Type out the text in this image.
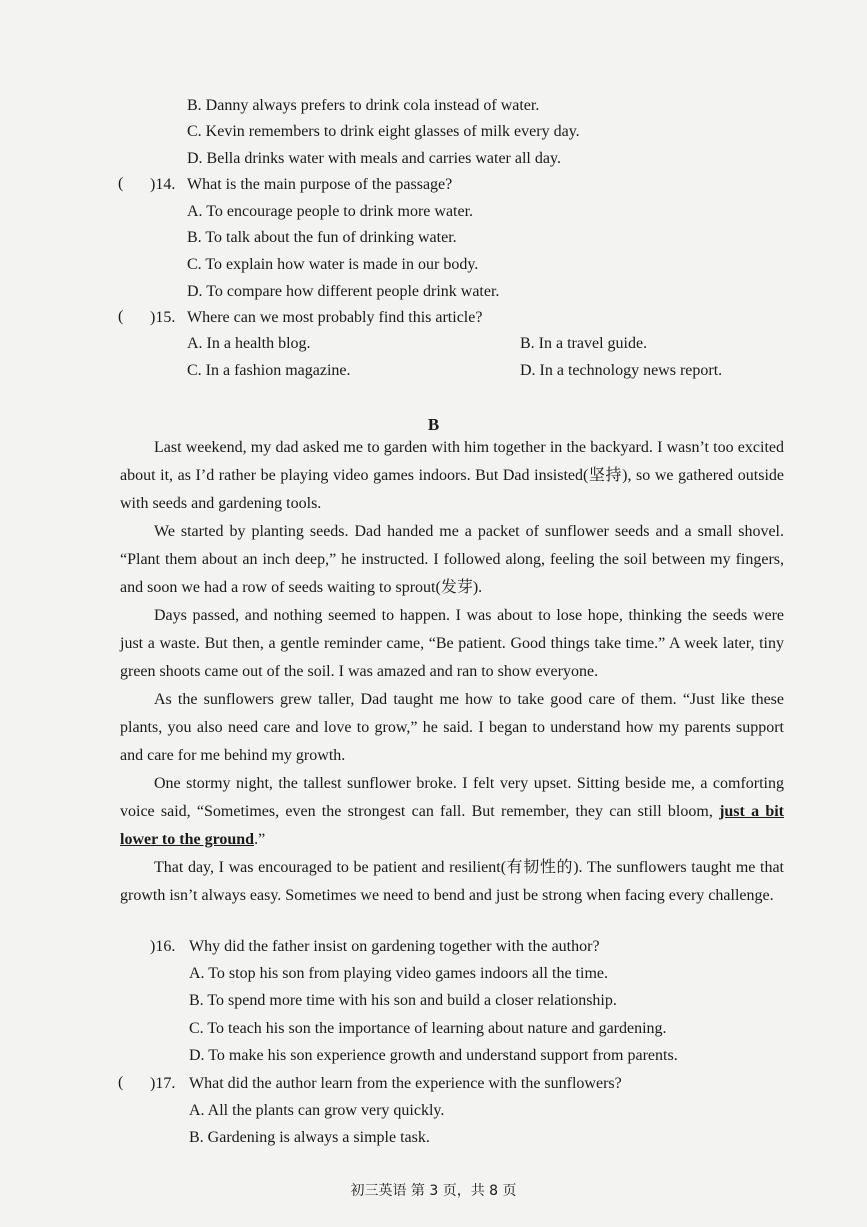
B. Danny always prefers to drink cola instead of water.
C. Kevin remembers to drink eight glasses of milk every day.
D. Bella drinks water with meals and carries water all day.
( )14. What is the main purpose of the passage?
A. To encourage people to drink more water.
B. To talk about the fun of drinking water.
C. To explain how water is made in our body.
D. To compare how different people drink water.
( )15. Where can we most probably find this article?
A. In a health blog.	B. In a travel guide.
C. In a fashion magazine.	D. In a technology news report.
B

Last weekend, my dad asked me to garden with him together in the backyard. I wasn’t too excited about it, as I’d rather be playing video games indoors. But Dad insisted(坚持), so we gathered outside with seeds and gardening tools.

We started by planting seeds. Dad handed me a packet of sunflower seeds and a small shovel. “Plant them about an inch deep,” he instructed. I followed along, feeling the soil between my fingers, and soon we had a row of seeds waiting to sprout(发芽).

Days passed, and nothing seemed to happen. I was about to lose hope, thinking the seeds were just a waste. But then, a gentle reminder came, “Be patient. Good things take time.” A week later, tiny green shoots came out of the soil. I was amazed and ran to show everyone.

As the sunflowers grew taller, Dad taught me how to take good care of them. “Just like these plants, you also need care and love to grow,” he said. I began to understand how my parents support and care for me behind my growth.

One stormy night, the tallest sunflower broke. I felt very upset. Sitting beside me, a comforting voice said, “Sometimes, even the strongest can fall. But remember, they can still bloom, just a bit lower to the ground.”

That day, I was encouraged to be patient and resilient(有韧性的). The sunflowers taught me that growth isn’t always easy. Sometimes we need to bend and just be strong when facing every challenge.

)16. Why did the father insist on gardening together with the author?
A. To stop his son from playing video games indoors all the time.
B. To spend more time with his son and build a closer relationship.
C. To teach his son the importance of learning about nature and gardening.
D. To make his son experience growth and understand support from parents.
( )17. What did the author learn from the experience with the sunflowers?
A. All the plants can grow very quickly.
B. Gardening is always a simple task.
初三英语 第 3 页，共 8 页
